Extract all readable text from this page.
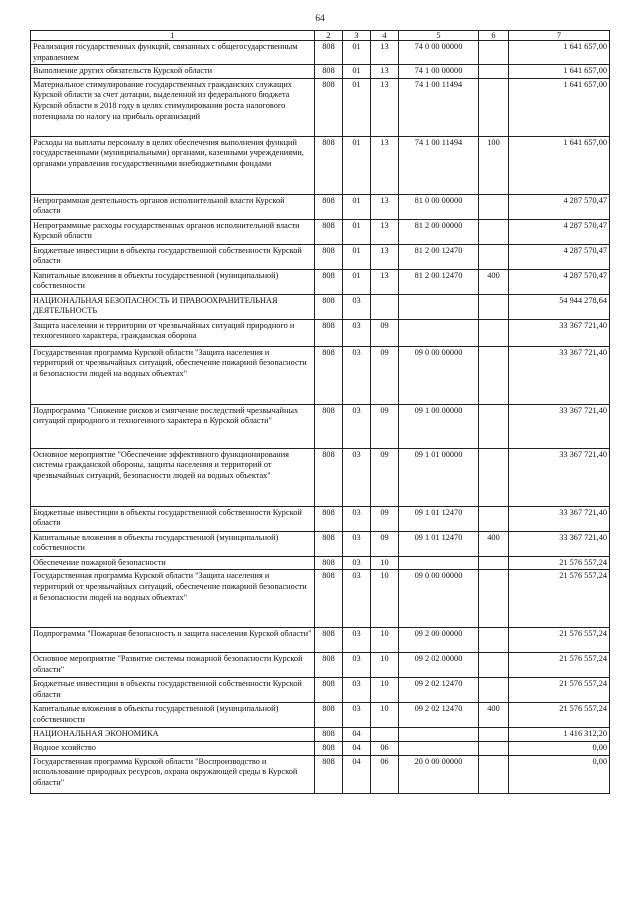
64
1	2	3	4	5	6	7
Реализация государственных функций, связанных с общегосударственным управлением	808	01	13	74 0 00 00000		1 641 657,00
Выполнение других обязательств Курской области	808	01	13	74 1 00 00000		1 641 657,00
Материальное стимулирование государственных гражданских служащих Курской области за счет дотации, выделенной из федерального бюджета Курской области в 2018 году в целях стимулирования роста налогового потенциала по налогу на прибыль организаций	808	01	13	74 1 00 11494		1 641 657,00
Расходы на выплаты персоналу в целях обеспечения выполнения функций государственными (муниципальными) органами, казенными учреждениями, органами управления государственными внебюджетными фондами	808	01	13	74 1 00 11494	100	1 641 657,00
Непрограммная деятельность органов исполнительной власти Курской области	808	01	13	81 0 00 00000		4 287 570,47
Непрограммные расходы государственных органов исполнительной власти Курской области	808	01	13	81 2 00 00000		4 287 570,47
Бюджетные инвестиции в объекты государственной собственности Курской области	808	01	13	81 2 00 12470		4 287 570,47
Капитальные вложения в объекты государственной (муниципальной) собственности	808	01	13	81 2 00 12470	400	4 287 570,47
НАЦИОНАЛЬНАЯ БЕЗОПАСНОСТЬ И ПРАВООХРАНИТЕЛЬНАЯ ДЕЯТЕЛЬНОСТЬ	808	03				54 944 278,64
Защита населения и территории от чрезвычайных ситуаций природного и техногенного характера, гражданская оборона	808	03	09			33 367 721,40
Государственная программа Курской области "Защита населения и территорий от чрезвычайных ситуаций, обеспечение пожарной безопасности и безопасности людей на водных объектах"	808	03	09	09 0 00 00000		33 367 721,40
Подпрограмма "Снижение рисков и смягчение последствий чрезвычайных ситуаций природного и техногенного характера в Курской области"	808	03	09	09 1 00 00000		33 367 721,40
Основное мероприятие "Обеспечение эффективного функционирования системы гражданской обороны, защиты населения и территорий от чрезвычайных ситуаций, безопасности людей на водных объектах"	808	03	09	09 1 01 00000		33 367 721,40
Бюджетные инвестиции в объекты государственной собственности Курской области	808	03	09	09 1 01 12470		33 367 721,40
Капитальные вложения в объекты государственной (муниципальной) собственности	808	03	09	09 1 01 12470	400	33 367 721,40
Обеспечение пожарной безопасности	808	03	10			21 576 557,24
Государственная программа Курской области "Защита населения и территорий от чрезвычайных ситуаций, обеспечение пожарной безопасности и безопасности людей на водных объектах"	808	03	10	09 0 00 00000		21 576 557,24
Подпрограмма "Пожарная безопасность и защита населения Курской области"	808	03	10	09 2 00 00000		21 576 557,24
Основное мероприятие "Развитие системы пожарной безопасности Курской области"	808	03	10	09 2 02 00000		21 576 557,24
Бюджетные инвестиции в объекты государственной собственности Курской области	808	03	10	09 2 02 12470		21 576 557,24
Капитальные вложения в объекты государственной (муниципальной) собственности	808	03	10	09 2 02 12470	400	21 576 557,24
НАЦИОНАЛЬНАЯ ЭКОНОМИКА	808	04				1 416 312,20
Водное хозяйство	808	04	06			0,00
Государственная программа Курской области "Воспроизводство и использование природных ресурсов, охрана окружающей среды в Курской области"	808	04	06	20 0 00 00000		0,00
